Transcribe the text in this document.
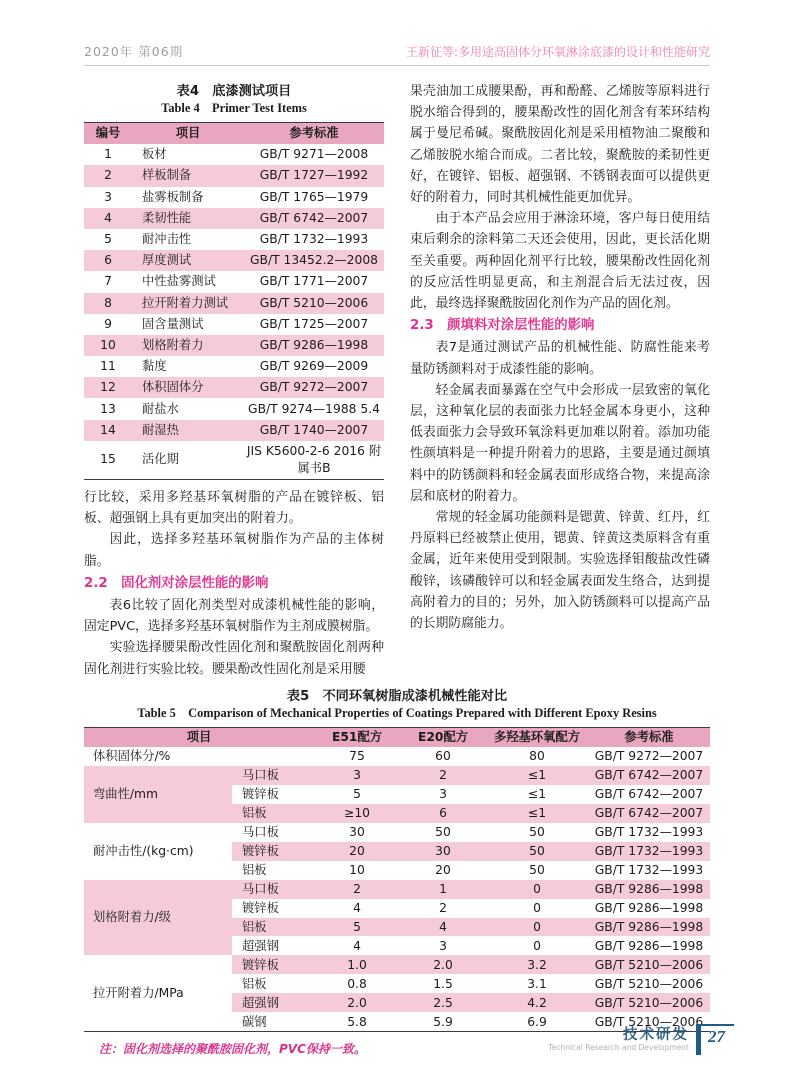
2020年 第06期	王新征等:多用途高固体分环氧淋涂底漆的设计和性能研究
表4　底漆测试项目
Table 4　Primer Test Items
编号	项目	参考标准
1	板材	GB/T 9271—2008
2	样板制备	GB/T 1727—1992
3	盐雾板制备	GB/T 1765—1979
4	柔韧性能	GB/T 6742—2007
5	耐冲击性	GB/T 1732—1993
6	厚度测试	GB/T 13452.2—2008
7	中性盐雾测试	GB/T 1771—2007
8	拉开附着力测试	GB/T 5210—2006
9	固含量测试	GB/T 1725—2007
10	划格附着力	GB/T 9286—1998
11	黏度	GB/T 9269—2009
12	体积固体分	GB/T 9272—2007
13	耐盐水	GB/T 9274—1988 5.4
14	耐湿热	GB/T 1740—2007
15	活化期	JIS K5600-2-6 2016 附属书B

行比较，采用多羟基环氧树脂的产品在镀锌板、铝板、超强钢上具有更加突出的附着力。

因此，选择多羟基环氧树脂作为产品的主体树脂。

2.2　固化剂对涂层性能的影响

表6比较了固化剂类型对成漆机械性能的影响，固定PVC，选择多羟基环氧树脂作为主剂成膜树脂。

实验选择腰果酚改性固化剂和聚酰胺固化剂两种固化剂进行实验比较。腰果酚改性固化剂是采用腰

果壳油加工成腰果酚，再和酚醛、乙烯胺等原料进行脱水缩合得到的，腰果酚改性的固化剂含有苯环结构属于曼尼希碱。聚酰胺固化剂是采用植物油二聚酸和乙烯胺脱水缩合而成。二者比较，聚酰胺的柔韧性更好，在镀锌、铝板、超强钢、不锈钢表面可以提供更好的附着力，同时其机械性能更加优异。

由于本产品会应用于淋涂环境，客户每日使用结束后剩余的涂料第二天还会使用，因此，更长活化期至关重要。两种固化剂平行比较，腰果酚改性固化剂的反应活性明显更高，和主剂混合后无法过夜，因此，最终选择聚酰胺固化剂作为产品的固化剂。

2.3　颜填料对涂层性能的影响

表7是通过测试产品的机械性能、防腐性能来考量防锈颜料对于成漆性能的影响。

轻金属表面暴露在空气中会形成一层致密的氧化层，这种氧化层的表面张力比轻金属本身更小，这种低表面张力会导致环氧涂料更加难以附着。添加功能性颜填料是一种提升附着力的思路，主要是通过颜填料中的防锈颜料和轻金属表面形成络合物，来提高涂层和底材的附着力。

常规的轻金属功能颜料是锶黄、锌黄、红丹，红丹原料已经被禁止使用，锶黄、锌黄这类原料含有重金属，近年来使用受到限制。实验选择钼酸盐改性磷酸锌，该磷酸锌可以和轻金属表面发生络合，达到提高附着力的目的；另外，加入防锈颜料可以提高产品的长期防腐能力。

表5　不同环氧树脂成漆机械性能对比
Table 5　Comparison of Mechanical Properties of Coatings Prepared with Different Epoxy Resins
项目		E51配方	E20配方	多羟基环氧配方	参考标准
体积固体分/%		75	60	80	GB/T 9272—2007
弯曲性/mm	马口板	3	2	≤1	GB/T 6742—2007
	镀锌板	5	3	≤1	GB/T 6742—2007
	铝板	≥10	6	≤1	GB/T 6742—2007
耐冲击性/(kg·cm)	马口板	30	50	50	GB/T 1732—1993
	镀锌板	20	30	50	GB/T 1732—1993
	铝板	10	20	50	GB/T 1732—1993
划格附着力/级	马口板	2	1	0	GB/T 9286—1998
	镀锌板	4	2	0	GB/T 9286—1998
	铝板	5	4	0	GB/T 9286—1998
	超强钢	4	3	0	GB/T 9286—1998
拉开附着力/MPa	镀锌板	1.0	2.0	3.2	GB/T 5210—2006
	铝板	0.8	1.5	3.1	GB/T 5210—2006
	超强钢	2.0	2.5	4.2	GB/T 5210—2006
	碳钢	5.8	5.9	6.9	GB/T 5210—2006
注：固化剂选择的聚酰胺固化剂，PVC保持一致。
技术研发
Technical Research and Development
27
